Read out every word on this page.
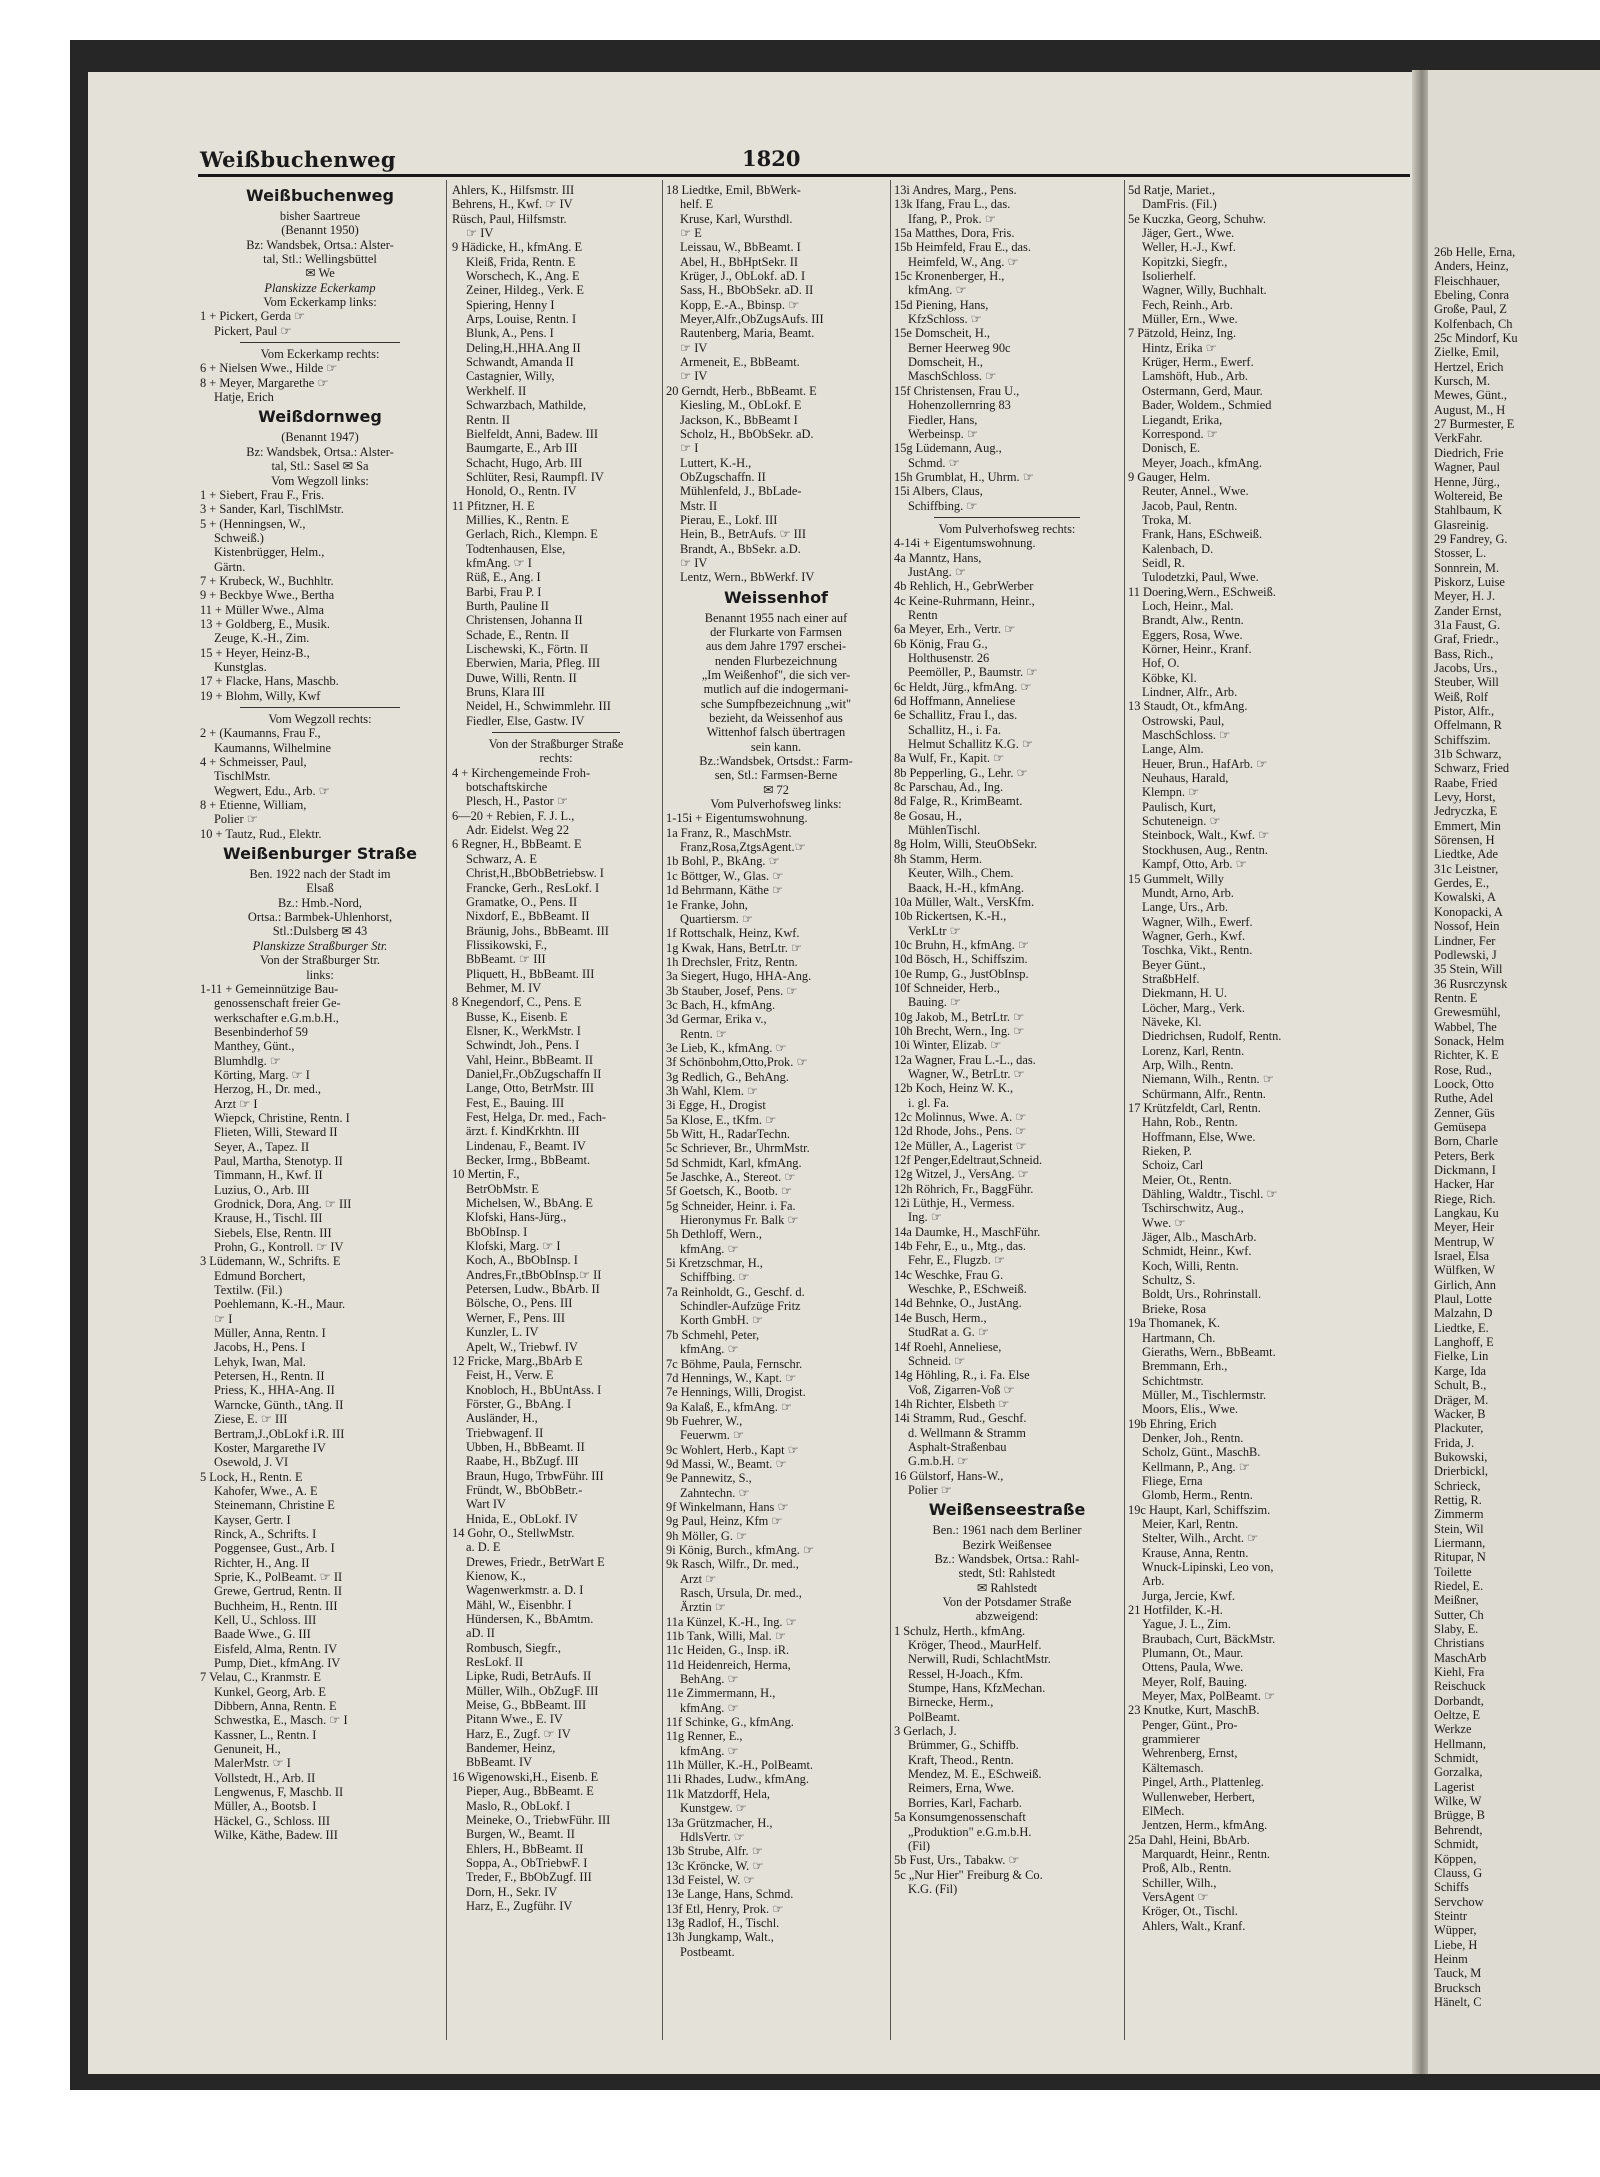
26b Helle, Erna,

Anders, Heinz,

Fleischhauer,

Ebeling, Conra

Große, Paul, Z

Kolfenbach, Ch

25c Mindorf, Ku

Zielke, Emil,

Hertzel, Erich

Kursch, M.

Mewes, Günt.,

August, M., H

27 Burmester, E

VerkFahr.

Diedrich, Frie

Wagner, Paul

Henne, Jürg.,

Woltereid, Be

Stahlbaum, K

Glasreinig.

29 Fandrey, G.

Stosser, L.

Sonnrein, M.

Piskorz, Luise

Meyer, H. J.

Zander Ernst,

31a Faust, G.

Graf, Friedr.,

Bass, Rich.,

Jacobs, Urs.,

Steuber, Will

Weiß, Rolf

Pistor, Alfr.,

Offelmann, R

Schiffszim.

31b Schwarz,

Schwarz, Fried

Raabe, Fried

Levy, Horst,

Jedryczka, E

Emmert, Min

Sörensen, H

Liedtke, Ade

31c Leistner,

Gerdes, E.,

Kowalski, A

Konopacki, A

Nossof, Hein

Lindner, Fer

Podlewski, J

35 Stein, Will

36 Rusrczynsk

Rentn. E

Grewesmühl,

Wabbel, The

Sonack, Helm

Richter, K. E

Rose, Rud.,

Loock, Otto

Ruthe, Adel

Zenner, Güs

Gemüsepa

Born, Charle

Peters, Berk

Dickmann, I

Hacker, Har

Riege, Rich.

Langkau, Ku

Meyer, Heir

Mentrup, W

Israel, Elsa

Wülfken, W

Girlich, Ann

Plaul, Lotte

Malzahn, D

Liedtke, E.

Langhoff, E

Fielke, Lin

Karge, Ida

Schult, B.,

Dräger, M.

Wacker, B

Plackuter,

Frida, J.

Bukowski,

Drierbickl,

Schrieck,

Rettig, R.

Zimmerm

Stein, Wil

Liermann,

Ritupar, N

Toilette

Riedel, E.

Meißner,

Sutter, Ch

Slaby, E.

Christians

MaschArb

Kiehl, Fra

Reischuck

Dorbandt,

Oeltze, E

Werkze

Hellmann,

Schmidt,

Gorzalka,

Lagerist

Wilke, W

Brügge, B

Behrendt,

Schmidt,

Köppen,

Clauss, G

Schiffs

Servchow

Steintr

Wüpper,

Liebe, H

Heinm

Tauck, M

Brucksch

Hänelt, C

Weißbuchenweg	1820

Weißbuchenweg

bisher Saartreue

(Benannt 1950)

Bz: Wandsbek, Ortsa.: Alster-

tal, Stl.: Wellingsbüttel

✉ We

Planskizze Eckerkamp

Vom Eckerkamp links:

1 + Pickert, Gerda ☞

Pickert, Paul ☞

Vom Eckerkamp rechts:

6 + Nielsen Wwe., Hilde ☞

8 + Meyer, Margarethe ☞

Hatje, Erich

Weißdornweg

(Benannt 1947)

Bz: Wandsbek, Ortsa.: Alster-

tal, Stl.: Sasel ✉ Sa

Vom Wegzoll links:

1 + Siebert, Frau F., Fris.

3 + Sander, Karl, TischlMstr.

5 + (Henningsen, W.,

Schweiß.)

Kistenbrügger, Helm.,

Gärtn.

7 + Krubeck, W., Buchhltr.

9 + Beckbye Wwe., Bertha

11 + Müller Wwe., Alma

13 + Goldberg, E., Musik.

Zeuge, K.-H., Zim.

15 + Heyer, Heinz-B.,

Kunstglas.

17 + Flacke, Hans, Maschb.

19 + Blohm, Willy, Kwf

Vom Wegzoll rechts:

2 + (Kaumanns, Frau F.,

Kaumanns, Wilhelmine

4 + Schmeisser, Paul,

TischlMstr.

Wegwert, Edu., Arb. ☞

8 + Etienne, William,

Polier ☞

10 + Tautz, Rud., Elektr.

Weißenburger Straße

Ben. 1922 nach der Stadt im

Elsaß

Bz.: Hmb.-Nord,

Ortsa.: Barmbek-Uhlenhorst,

Stl.:Dulsberg ✉ 43

Planskizze Straßburger Str.

Von der Straßburger Str.

links:

1-11 + Gemeinnützige Bau-

genossenschaft freier Ge-

werkschafter e.G.m.b.H.,

Besenbinderhof 59

Manthey, Günt.,

Blumhdlg. ☞

Körting, Marg. ☞ I

Herzog, H., Dr. med.,

Arzt ☞ I

Wiepck, Christine, Rentn. I

Flieten, Willi, Steward II

Seyer, A., Tapez. II

Paul, Martha, Stenotyp. II

Timmann, H., Kwf. II

Luzius, O., Arb. III

Grodnick, Dora, Ang. ☞ III

Krause, H., Tischl. III

Siebels, Else, Rentn. III

Prohn, G., Kontroll. ☞ IV

3 Lüdemann, W., Schrifts. E

Edmund Borchert,

Textilw. (Fil.)

Poehlemann, K.-H., Maur.

☞ I

Müller, Anna, Rentn. I

Jacobs, H., Pens. I

Lehyk, Iwan, Mal.

Petersen, H., Rentn. II

Priess, K., HHA-Ang. II

Warncke, Günth., tAng. II

Ziese, E. ☞ III

Bertram,J.,ObLokf i.R. III

Koster, Margarethe IV

Osewold, J. VI

5 Lock, H., Rentn. E

Kahofer, Wwe., A. E

Steinemann, Christine E

Kayser, Gertr. I

Rinck, A., Schrifts. I

Poggensee, Gust., Arb. I

Richter, H., Ang. II

Sprie, K., PolBeamt. ☞ II

Grewe, Gertrud, Rentn. II

Buchheim, H., Rentn. III

Kell, U., Schloss. III

Baade Wwe., G. III

Eisfeld, Alma, Rentn. IV

Pump, Diet., kfmAng. IV

7 Velau, C., Kranmstr. E

Kunkel, Georg, Arb. E

Dibbern, Anna, Rentn. E

Schwestka, E., Masch. ☞ I

Kassner, L., Rentn. I

Genuneit, H.,

MalerMstr. ☞ I

Vollstedt, H., Arb. II

Lengwenus, F, Maschb. II

Müller, A., Bootsb. I

Häckel, G., Schloss. III

Wilke, Käthe, Badew. III

Ahlers, K., Hilfsmstr. III

Behrens, H., Kwf. ☞ IV

Rüsch, Paul, Hilfsmstr.

☞ IV

9 Hädicke, H., kfmAng. E

Kleiß, Frida, Rentn. E

Worschech, K., Ang. E

Zeiner, Hildeg., Verk. E

Spiering, Henny I

Arps, Louise, Rentn. I

Blunk, A., Pens. I

Deling,H.,HHA.Ang II

Schwandt, Amanda II

Castagnier, Willy,

Werkhelf. II

Schwarzbach, Mathilde,

Rentn. II

Bielfeldt, Anni, Badew. III

Baumgarte, E., Arb III

Schacht, Hugo, Arb. III

Schlüter, Resi, Raumpfl. IV

Honold, O., Rentn. IV

11 Pfitzner, H. E

Millies, K., Rentn. E

Gerlach, Rich., Klempn. E

Todtenhausen, Else,

kfmAng. ☞ I

Rüß, E., Ang. I

Barbi, Frau P. I

Burth, Pauline II

Christensen, Johanna II

Schade, E., Rentn. II

Lischewski, K., Förtn. II

Eberwien, Maria, Pfleg. III

Duwe, Willi, Rentn. II

Bruns, Klara III

Neidel, H., Schwimmlehr. III

Fiedler, Else, Gastw. IV

Von der Straßburger Straße

rechts:

4 + Kirchengemeinde Froh-

botschaftskirche

Plesch, H., Pastor ☞

6—20 + Rebien, F. J. L.,

Adr. Eidelst. Weg 22

6 Regner, H., BbBeamt. E

Schwarz, A. E

Christ,H.,BbObBetriebsw. I

Francke, Gerh., ResLokf. I

Gramatke, O., Pens. II

Nixdorf, E., BbBeamt. II

Bräunig, Johs., BbBeamt. III

Flissikowski, F.,

BbBeamt. ☞ III

Pliquett, H., BbBeamt. III

Behmer, M. IV

8 Knegendorf, C., Pens. E

Busse, K., Eisenb. E

Elsner, K., WerkMstr. I

Schwindt, Joh., Pens. I

Vahl, Heinr., BbBeamt. II

Daniel,Fr.,ObZugschaffn II

Lange, Otto, BetrMstr. III

Fest, E., Bauing. III

Fest, Helga, Dr. med., Fach-

ärzt. f. KindKrkhtn. III

Lindenau, F., Beamt. IV

Becker, Irmg., BbBeamt.

10 Mertin, F.,

BetrObMstr. E

Michelsen, W., BbAng. E

Klofski, Hans-Jürg.,

BbObInsp. I

Klofski, Marg. ☞ I

Koch, A., BbObInsp. I

Andres,Fr.,tBbObInsp.☞ II

Petersen, Ludw., BbArb. II

Bölsche, O., Pens. III

Werner, F., Pens. III

Kunzler, L. IV

Apelt, W., Triebwf. IV

12 Fricke, Marg.,BbArb E

Feist, H., Verw. E

Knobloch, H., BbUntAss. I

Förster, G., BbAng. I

Ausländer, H.,

Triebwagenf. II

Ubben, H., BbBeamt. II

Raabe, H., BbZugf. III

Braun, Hugo, TrbwFühr. III

Fründt, W., BbObBetr.-

Wart IV

Hnida, E., ObLokf. IV

14 Gohr, O., StellwMstr.

a. D. E

Drewes, Friedr., BetrWart E

Kienow, K.,

Wagenwerkmstr. a. D. I

Mähl, W., Eisenbhr. I

Hündersen, K., BbAmtm.

aD. II

Rombusch, Siegfr.,

ResLokf. II

Lipke, Rudi, BetrAufs. II

Müller, Wilh., ObZugF. III

Meise, G., BbBeamt. III

Pitann Wwe., E. IV

Harz, E., Zugf. ☞ IV

Bandemer, Heinz,

BbBeamt. IV

16 Wigenowski,H., Eisenb. E

Pieper, Aug., BbBeamt. E

Maslo, R., ObLokf. I

Meineke, O., TriebwFühr. III

Burgen, W., Beamt. II

Ehlers, H., BbBeamt. II

Soppa, A., ObTriebwF. I

Treder, F., BbObZugf. III

Dorn, H., Sekr. IV

Harz, E., Zugführ. IV

18 Liedtke, Emil, BbWerk-

helf. E

Kruse, Karl, Wursthdl.

☞ E

Leissau, W., BbBeamt. I

Abel, H., BbHptSekr. II

Krüger, J., ObLokf. aD. I

Sass, H., BbObSekr. aD. II

Kopp, E.-A., Bbinsp. ☞

Meyer,Alfr.,ObZugsAufs. III

Rautenberg, Maria, Beamt.

☞ IV

Armeneit, E., BbBeamt.

☞ IV

20 Gerndt, Herb., BbBeamt. E

Kiesling, M., ObLokf. E

Jackson, K., BbBeamt I

Scholz, H., BbObSekr. aD.

☞ I

Luttert, K.-H.,

ObZugschaffn. II

Mühlenfeld, J., BbLade-

Mstr. II

Pierau, E., Lokf. III

Hein, B., BetrAufs. ☞ III

Brandt, A., BbSekr. a.D.

☞ IV

Lentz, Wern., BbWerkf. IV

Weissenhof

Benannt 1955 nach einer auf

der Flurkarte von Farmsen

aus dem Jahre 1797 erschei-

nenden Flurbezeichnung

„Im Weißenhof", die sich ver-

mutlich auf die indogermani-

sche Sumpfbezeichnung „wit"

bezieht, da Weissenhof aus

Wittenhof falsch übertragen

sein kann.

Bz.:Wandsbek, Ortsdst.: Farm-

sen, Stl.: Farmsen-Berne

✉ 72

Vom Pulverhofsweg links:

1-15i + Eigentumswohnung.

1a Franz, R., MaschMstr.

Franz,Rosa,ZtgsAgent.☞

1b Bohl, P., BkAng. ☞

1c Böttger, W., Glas. ☞

1d Behrmann, Käthe ☞

1e Franke, John,

Quartiersm. ☞

1f Rottschalk, Heinz, Kwf.

1g Kwak, Hans, BetrLtr. ☞

1h Drechsler, Fritz, Rentn.

3a Siegert, Hugo, HHA-Ang.

3b Stauber, Josef, Pens. ☞

3c Bach, H., kfmAng.

3d Germar, Erika v.,

Rentn. ☞

3e Lieb, K., kfmAng. ☞

3f Schönbohm,Otto,Prok. ☞

3g Redlich, G., BehAng.

3h Wahl, Klem. ☞

3i Egge, H., Drogist

5a Klose, E., tKfm. ☞

5b Witt, H., RadarTechn.

5c Schriever, Br., UhrmMstr.

5d Schmidt, Karl, kfmAng.

5e Jaschke, A., Stereot. ☞

5f Goetsch, K., Bootb. ☞

5g Schneider, Heinr. i. Fa.

Hieronymus Fr. Balk ☞

5h Dethloff, Wern.,

kfmAng. ☞

5i Kretzschmar, H.,

Schiffbing. ☞

7a Reinholdt, G., Geschf. d.

Schindler-Aufzüge Fritz

Korth GmbH. ☞

7b Schmehl, Peter,

kfmAng. ☞

7c Böhme, Paula, Fernschr.

7d Hennings, W., Kapt. ☞

7e Hennings, Willi, Drogist.

9a Kalaß, E., kfmAng. ☞

9b Fuehrer, W.,

Feuerwm. ☞

9c Wohlert, Herb., Kapt ☞

9d Massi, W., Beamt. ☞

9e Pannewitz, S.,

Zahntechn. ☞

9f Winkelmann, Hans ☞

9g Paul, Heinz, Kfm ☞

9h Möller, G. ☞

9i König, Burch., kfmAng. ☞

9k Rasch, Wilfr., Dr. med.,

Arzt ☞

Rasch, Ursula, Dr. med.,

Ärztin ☞

11a Künzel, K.-H., Ing. ☞

11b Tank, Willi, Mal. ☞

11c Heiden, G., Insp. iR.

11d Heidenreich, Herma,

BehAng. ☞

11e Zimmermann, H.,

kfmAng. ☞

11f Schinke, G., kfmAng.

11g Renner, E.,

kfmAng. ☞

11h Müller, K.-H., PolBeamt.

11i Rhades, Ludw., kfmAng.

11k Matzdorff, Hela,

Kunstgew. ☞

13a Grützmacher, H.,

HdlsVertr. ☞

13b Strube, Alfr. ☞

13c Kröncke, W. ☞

13d Feistel, W. ☞

13e Lange, Hans, Schmd.

13f Etl, Henry, Prok. ☞

13g Radlof, H., Tischl.

13h Jungkamp, Walt.,

Postbeamt.

13i Andres, Marg., Pens.

13k Ifang, Frau L., das.

Ifang, P., Prok. ☞

15a Matthes, Dora, Fris.

15b Heimfeld, Frau E., das.

Heimfeld, W., Ang. ☞

15c Kronenberger, H.,

kfmAng. ☞

15d Piening, Hans,

KfzSchloss. ☞

15e Domscheit, H.,

Berner Heerweg 90c

Domscheit, H.,

MaschSchloss. ☞

15f Christensen, Frau U.,

Hohenzollernring 83

Fiedler, Hans,

Werbeinsp. ☞

15g Lüdemann, Aug.,

Schmd. ☞

15h Grumblat, H., Uhrm. ☞

15i Albers, Claus,

Schiffbing. ☞

Vom Pulverhofsweg rechts:

4-14i + Eigentumswohnung.

4a Manntz, Hans,

JustAng. ☞

4b Rehlich, H., GebrWerber

4c Keine-Ruhrmann, Heinr.,

Rentn

6a Meyer, Erh., Vertr. ☞

6b König, Frau G.,

Holthusenstr. 26

Peemöller, P., Baumstr. ☞

6c Heldt, Jürg., kfmAng. ☞

6d Hoffmann, Anneliese

6e Schallitz, Frau I., das.

Schallitz, H., i. Fa.

Helmut Schallitz K.G. ☞

8a Wulf, Fr., Kapit. ☞

8b Pepperling, G., Lehr. ☞

8c Parschau, Ad., Ing.

8d Falge, R., KrimBeamt.

8e Gosau, H.,

MühlenTischl.

8g Holm, Willi, SteuObSekr.

8h Stamm, Herm.

Keuter, Wilh., Chem.

Baack, H.-H., kfmAng.

10a Müller, Walt., VersKfm.

10b Rickertsen, K.-H.,

VerkLtr ☞

10c Bruhn, H., kfmAng. ☞

10d Bösch, H., Schiffszim.

10e Rump, G., JustObInsp.

10f Schneider, Herb.,

Bauing. ☞

10g Jakob, M., BetrLtr. ☞

10h Brecht, Wern., Ing. ☞

10i Winter, Elizab. ☞

12a Wagner, Frau L.-L., das.

Wagner, W., BetrLtr. ☞

12b Koch, Heinz W. K.,

i. gl. Fa.

12c Molinnus, Wwe. A. ☞

12d Rhode, Johs., Pens. ☞

12e Müller, A., Lagerist ☞

12f Penger,Edeltraut,Schneid.

12g Witzel, J., VersAng. ☞

12h Röhrich, Fr., BaggFühr.

12i Lüthje, H., Vermess.

Ing. ☞

14a Daumke, H., MaschFühr.

14b Fehr, E., u., Mtg., das.

Fehr, E., Flugzb. ☞

14c Weschke, Frau G.

Weschke, P., ESchweiß.

14d Behnke, O., JustAng.

14e Busch, Herm.,

StudRat a. G. ☞

14f Roehl, Anneliese,

Schneid. ☞

14g Höhling, R., i. Fa. Else

Voß, Zigarren-Voß ☞

14h Richter, Elsbeth ☞

14i Stramm, Rud., Geschf.

d. Wellmann & Stramm

Asphalt-Straßenbau

G.m.b.H. ☞

16 Gülstorf, Hans-W.,

Polier ☞

Weißenseestraße

Ben.: 1961 nach dem Berliner

Bezirk Weißensee

Bz.: Wandsbek, Ortsa.: Rahl-

stedt, Stl: Rahlstedt

✉ Rahlstedt

Von der Potsdamer Straße

abzweigend:

1 Schulz, Herth., kfmAng.

Kröger, Theod., MaurHelf.

Nerwill, Rudi, SchlachtMstr.

Ressel, H-Joach., Kfm.

Stumpe, Hans, KfzMechan.

Birnecke, Herm.,

PolBeamt.

3 Gerlach, J.

Brümmer, G., Schiffb.

Kraft, Theod., Rentn.

Mendez, M. E., ESchweiß.

Reimers, Erna, Wwe.

Borries, Karl, Facharb.

5a Konsumgenossenschaft

„Produktion" e.G.m.b.H.

(Fil)

5b Fust, Urs., Tabakw. ☞

5c „Nur Hier" Freiburg & Co.

K.G. (Fil)

5d Ratje, Mariet.,

DamFris. (Fil.)

5e Kuczka, Georg, Schuhw.

Jäger, Gert., Wwe.

Weller, H.-J., Kwf.

Kopitzki, Siegfr.,

Isolierhelf.

Wagner, Willy, Buchhalt.

Fech, Reinh., Arb.

Müller, Ern., Wwe.

7 Pätzold, Heinz, Ing.

Hintz, Erika ☞

Krüger, Herm., Ewerf.

Lamshöft, Hub., Arb.

Ostermann, Gerd, Maur.

Bader, Woldem., Schmied

Liegandt, Erika,

Korrespond. ☞

Donisch, E.

Meyer, Joach., kfmAng.

9 Gauger, Helm.

Reuter, Annel., Wwe.

Jacob, Paul, Rentn.

Troka, M.

Frank, Hans, ESchweiß.

Kalenbach, D.

Seidl, R.

Tulodetzki, Paul, Wwe.

11 Doering,Wern., ESchweiß.

Loch, Heinr., Mal.

Brandt, Alw., Rentn.

Eggers, Rosa, Wwe.

Körner, Heinr., Kranf.

Hof, O.

Köbke, Kl.

Lindner, Alfr., Arb.

13 Staudt, Ot., kfmAng.

Ostrowski, Paul,

MaschSchloss. ☞

Lange, Alm.

Heuer, Brun., HafArb. ☞

Neuhaus, Harald,

Klempn. ☞

Paulisch, Kurt,

Schuteneign. ☞

Steinbock, Walt., Kwf. ☞

Stockhusen, Aug., Rentn.

Kampf, Otto, Arb. ☞

15 Gummelt, Willy

Mundt, Arno, Arb.

Lange, Urs., Arb.

Wagner, Wilh., Ewerf.

Wagner, Gerh., Kwf.

Toschka, Vikt., Rentn.

Beyer Günt.,

StraßbHelf.

Diekmann, H. U.

Löcher, Marg., Verk.

Näveke, Kl.

Diedrichsen, Rudolf, Rentn.

Lorenz, Karl, Rentn.

Arp, Wilh., Rentn.

Niemann, Wilh., Rentn. ☞

Schürmann, Alfr., Rentn.

17 Krützfeldt, Carl, Rentn.

Hahn, Rob., Rentn.

Hoffmann, Else, Wwe.

Rieken, P.

Schoiz, Carl

Meier, Ot., Rentn.

Dähling, Waldtr., Tischl. ☞

Tschirschwitz, Aug.,

Wwe. ☞

Jäger, Alb., MaschArb.

Schmidt, Heinr., Kwf.

Koch, Willi, Rentn.

Schultz, S.

Boldt, Urs., Rohrinstall.

Brieke, Rosa

19a Thomanek, K.

Hartmann, Ch.

Gieraths, Wern., BbBeamt.

Bremmann, Erh.,

Schichtmstr.

Müller, M., Tischlermstr.

Moors, Elis., Wwe.

19b Ehring, Erich

Denker, Joh., Rentn.

Scholz, Günt., MaschB.

Kellmann, P., Ang. ☞

Fliege, Erna

Glomb, Herm., Rentn.

19c Haupt, Karl, Schiffszim.

Meier, Karl, Rentn.

Stelter, Wilh., Archt. ☞

Krause, Anna, Rentn.

Wnuck-Lipinski, Leo von,

Arb.

Jurga, Jercie, Kwf.

21 Hotfilder, K.-H.

Yague, J. L., Zim.

Braubach, Curt, BäckMstr.

Plumann, Ot., Maur.

Ottens, Paula, Wwe.

Meyer, Rolf, Bauing.

Meyer, Max, PolBeamt. ☞

23 Knutke, Kurt, MaschB.

Penger, Günt., Pro-

grammierer

Wehrenberg, Ernst,

Kältemasch.

Pingel, Arth., Plattenleg.

Wullenweber, Herbert,

ElMech.

Jentzen, Herm., kfmAng.

25a Dahl, Heini, BbArb.

Marquardt, Heinr., Rentn.

Proß, Alb., Rentn.

Schiller, Wilh.,

VersAgent ☞

Kröger, Ot., Tischl.

Ahlers, Walt., Kranf.
